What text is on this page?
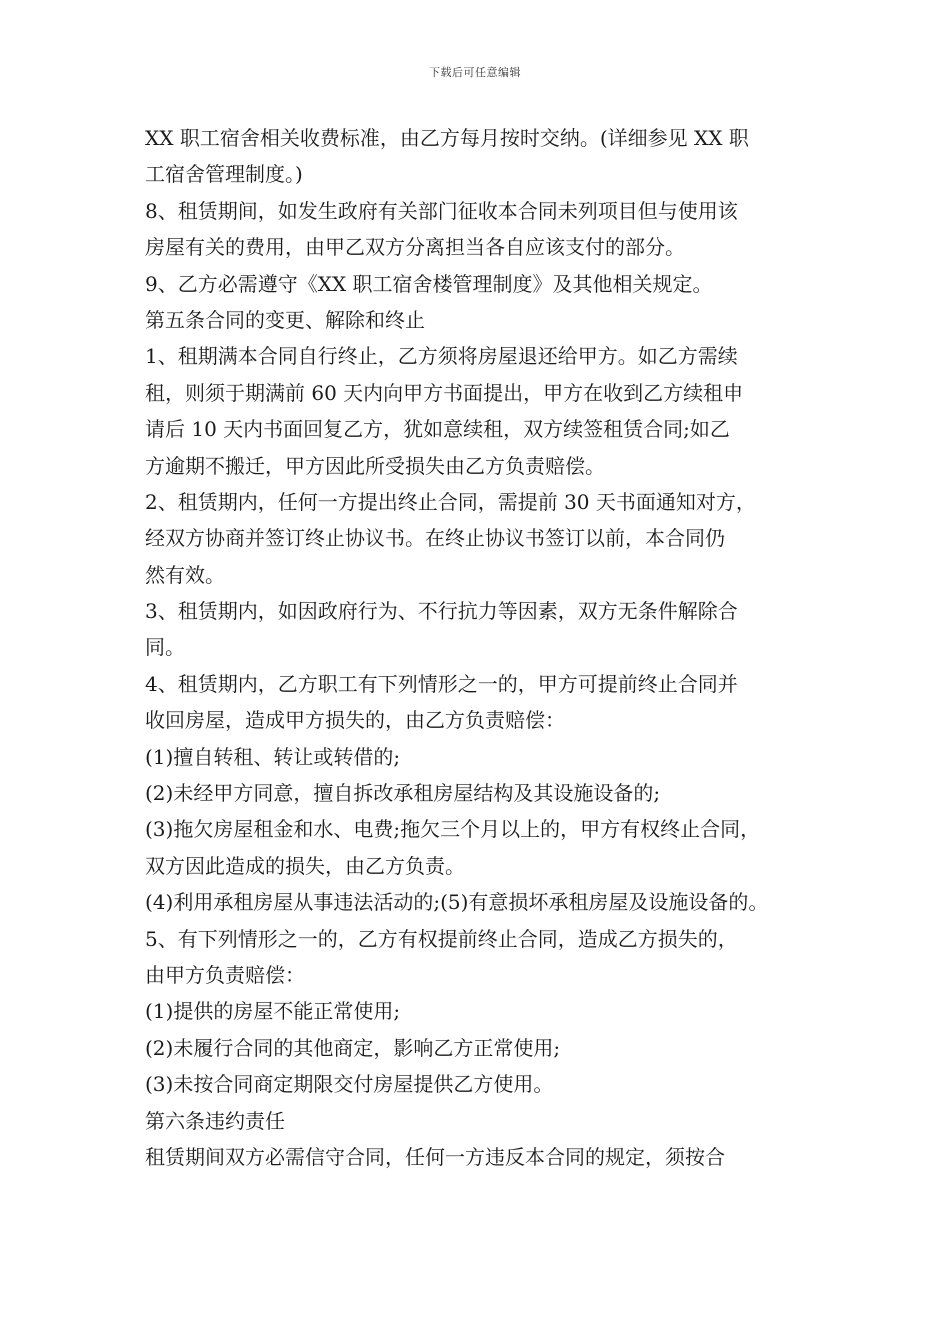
下载后可任意编辑
XX 职工宿舍相关收费标准，由乙方每月按时交纳。(详细参见 XX 职
工宿舍管理制度。)
8、租赁期间，如发生政府有关部门征收本合同未列项目但与使用该
房屋有关的费用，由甲乙双方分离担当各自应该支付的部分。
9、乙方必需遵守《XX 职工宿舍楼管理制度》及其他相关规定。
第五条合同的变更、解除和终止
1、租期满本合同自行终止，乙方须将房屋退还给甲方。如乙方需续
租，则须于期满前 60 天内向甲方书面提出，甲方在收到乙方续租申
请后 10 天内书面回复乙方，犹如意续租，双方续签租赁合同;如乙
方逾期不搬迁，甲方因此所受损失由乙方负责赔偿。
2、租赁期内，任何一方提出终止合同，需提前 30 天书面通知对方，
经双方协商并签订终止协议书。在终止协议书签订以前，本合同仍
然有效。
3、租赁期内，如因政府行为、不行抗力等因素，双方无条件解除合
同。
4、租赁期内，乙方职工有下列情形之一的，甲方可提前终止合同并
收回房屋，造成甲方损失的，由乙方负责赔偿：
(1)擅自转租、转让或转借的;
(2)未经甲方同意，擅自拆改承租房屋结构及其设施设备的;
(3)拖欠房屋租金和水、电费;拖欠三个月以上的，甲方有权终止合同，
双方因此造成的损失，由乙方负责。
(4)利用承租房屋从事违法活动的;(5)有意损坏承租房屋及设施设备的。
5、有下列情形之一的，乙方有权提前终止合同，造成乙方损失的，
由甲方负责赔偿：
(1)提供的房屋不能正常使用;
(2)未履行合同的其他商定，影响乙方正常使用;
(3)未按合同商定期限交付房屋提供乙方使用。
第六条违约责任
租赁期间双方必需信守合同，任何一方违反本合同的规定，须按合
